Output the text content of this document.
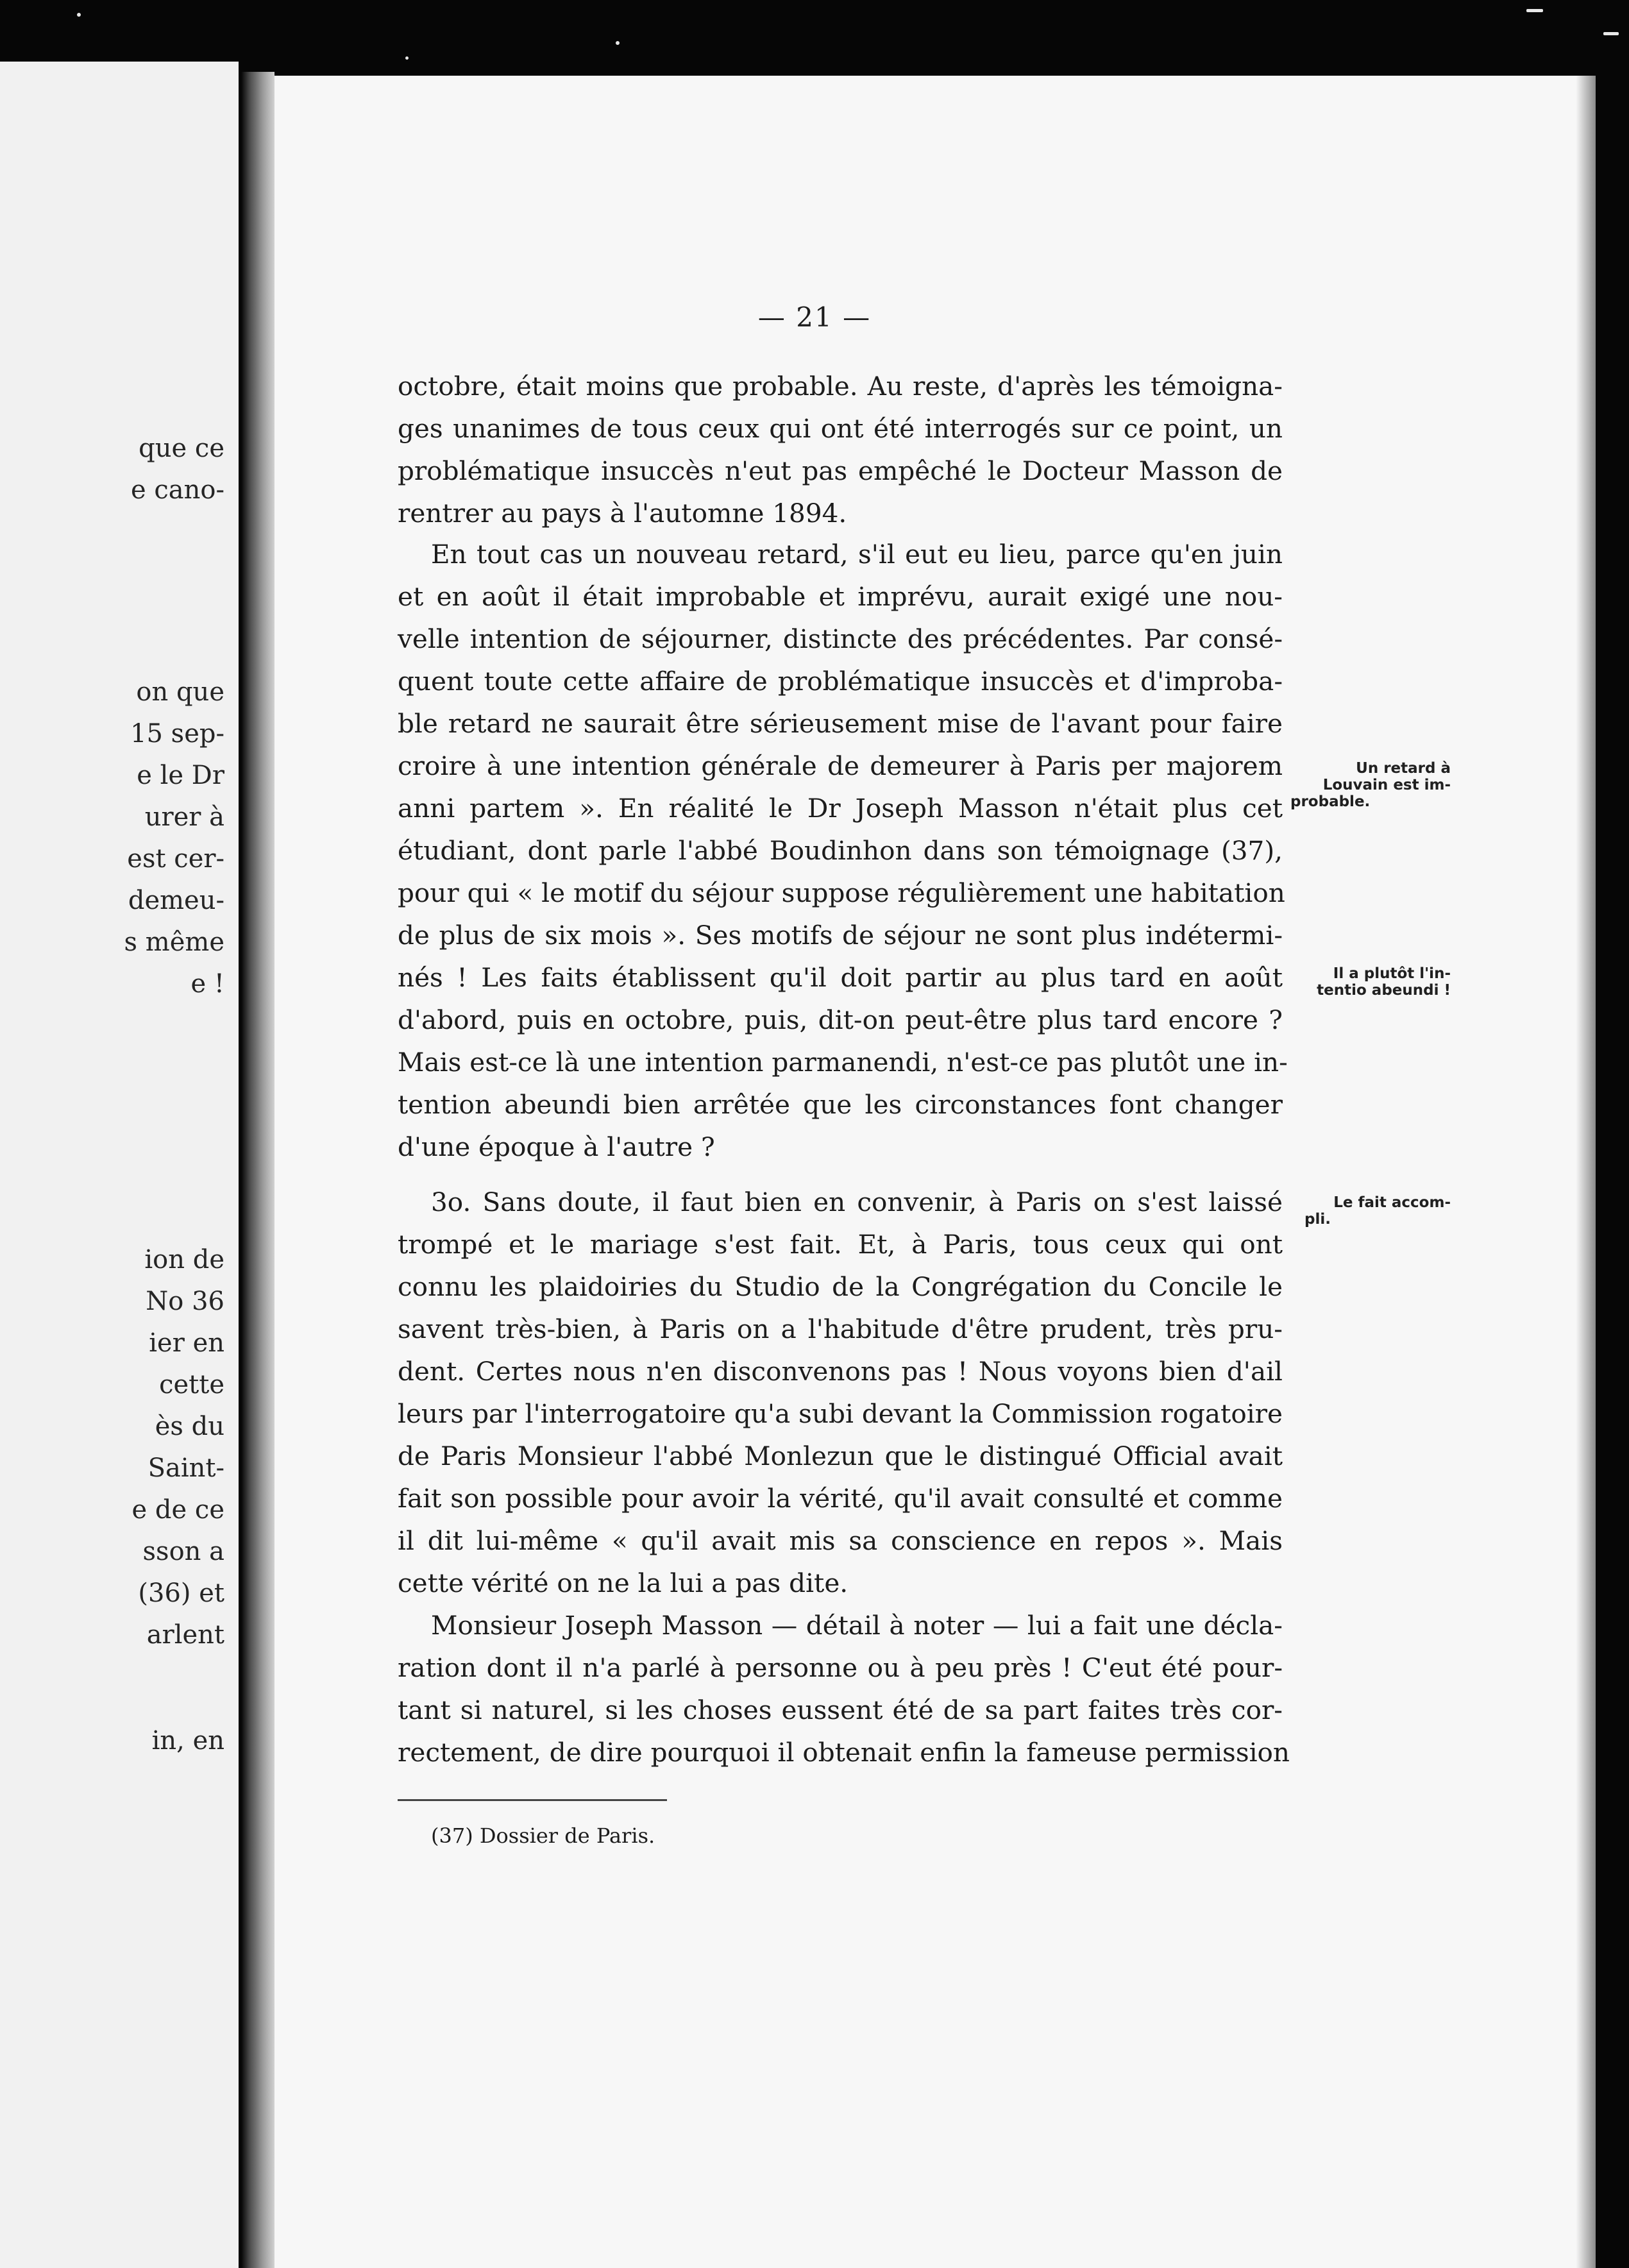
que ce
e cano-
on que
15 sep-
e le Dr
urer à
est cer-
demeu-
s même
e !
ion de
No 36
ier en
cette
ès du
Saint-
e de ce
sson a
(36) et
arlent
in, en
— 21 —
octobre, était moins que probable. Au reste, d'après les témoigna-
ges unanimes de tous ceux qui ont été interrogés sur ce point, un
problématique insuccès n'eut pas empêché le Docteur Masson de
rentrer au pays à l'automne 1894.
En tout cas un nouveau retard, s'il eut eu lieu, parce qu'en juin
et en août il était improbable et imprévu, aurait exigé une nou-
velle intention de séjourner, distincte des précédentes. Par consé-
quent toute cette affaire de problématique insuccès et d'improba-
ble retard ne saurait être sérieusement mise de l'avant pour faire
croire à une intention générale de demeurer à Paris per majorem
anni partem ». En réalité le Dr Joseph Masson n'était plus cet
étudiant, dont parle l'abbé Boudinhon dans son témoignage (37),
pour qui « le motif du séjour suppose régulièrement une habitation
de plus de six mois ». Ses motifs de séjour ne sont plus indétermi-
nés ! Les faits établissent qu'il doit partir au plus tard en août
d'abord, puis en octobre, puis, dit-on peut-être plus tard encore ?
Mais est-ce là une intention parmanendi, n'est-ce pas plutôt une in-
tention abeundi bien arrêtée que les circonstances font changer
d'une époque à l'autre ?
3o. Sans doute, il faut bien en convenir, à Paris on s'est laissé
trompé et le mariage s'est fait. Et, à Paris, tous ceux qui ont
connu les plaidoiries du Studio de la Congrégation du Concile le
savent très-bien, à Paris on a l'habitude d'être prudent, très pru-
dent. Certes nous n'en disconvenons pas ! Nous voyons bien d'ail
leurs par l'interrogatoire qu'a subi devant la Commission rogatoire
de Paris Monsieur l'abbé Monlezun que le distingué Official avait
fait son possible pour avoir la vérité, qu'il avait consulté et comme
il dit lui-même « qu'il avait mis sa conscience en repos ». Mais
cette vérité on ne la lui a pas dite.
Monsieur Joseph Masson — détail à noter — lui a fait une décla-
ration dont il n'a parlé à personne ou à peu près ! C'eut été pour-
tant si naturel, si les choses eussent été de sa part faites très cor-
rectement, de dire pourquoi il obtenait enfin la fameuse permission
Un retard à
Louvain est im-
probable.
Il a plutôt l'in-
tentio abeundi !
Le fait accom-
pli.
(37) Dossier de Paris.
